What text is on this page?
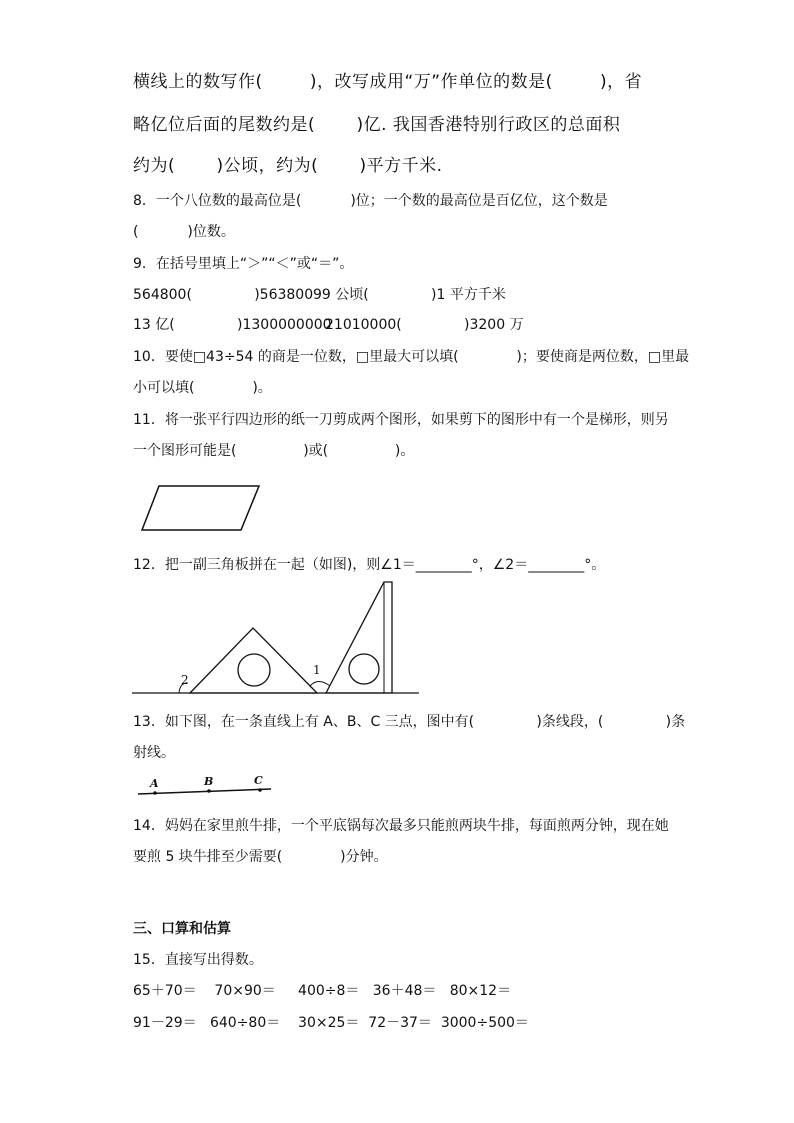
横线上的数写作(        )，改写成用“万”作单位的数是(        )，省
略亿位后面的尾数约是(       )亿. 我国香港特别行政区的总面积
约为(       )公顷，约为(       )平方千米.
8．一个八位数的最高位是(           )位；一个数的最高位是百亿位，这个数是
(           )位数。
9．在括号里填上“＞”“＜”或“＝”。
564800(              )563800 99 公顷(              )1 平方千米
13 亿(              )1300000000
21010000(              )3200 万
10．要使□43÷54 的商是一位数，□里最大可以填(             )；要使商是两位数，□里最
小可以填(             )。
11．将一张平行四边形的纸一刀剪成两个图形，如果剪下的图形中有一个是梯形，则另
一个图形可能是(               )或(               )。
12．把一副三角板拼在一起（如图)，则∠1＝________°，∠2＝________°。
1
2
13．如下图，在一条直线上有 A、B、C 三点，图中有(              )条线段，(              )条
射线。
A	B	C
14．妈妈在家里煎牛排，一个平底锅每次最多只能煎两块牛排，每面煎两分钟，现在她
要煎 5 块牛排至少需要(             )分钟。
三、口算和估算
15．直接写出得数。
65＋70＝    70×90＝     400÷8＝   36＋48＝   80×12＝
91－29＝   640÷80＝    30×25＝  72－37＝  3000÷500＝
